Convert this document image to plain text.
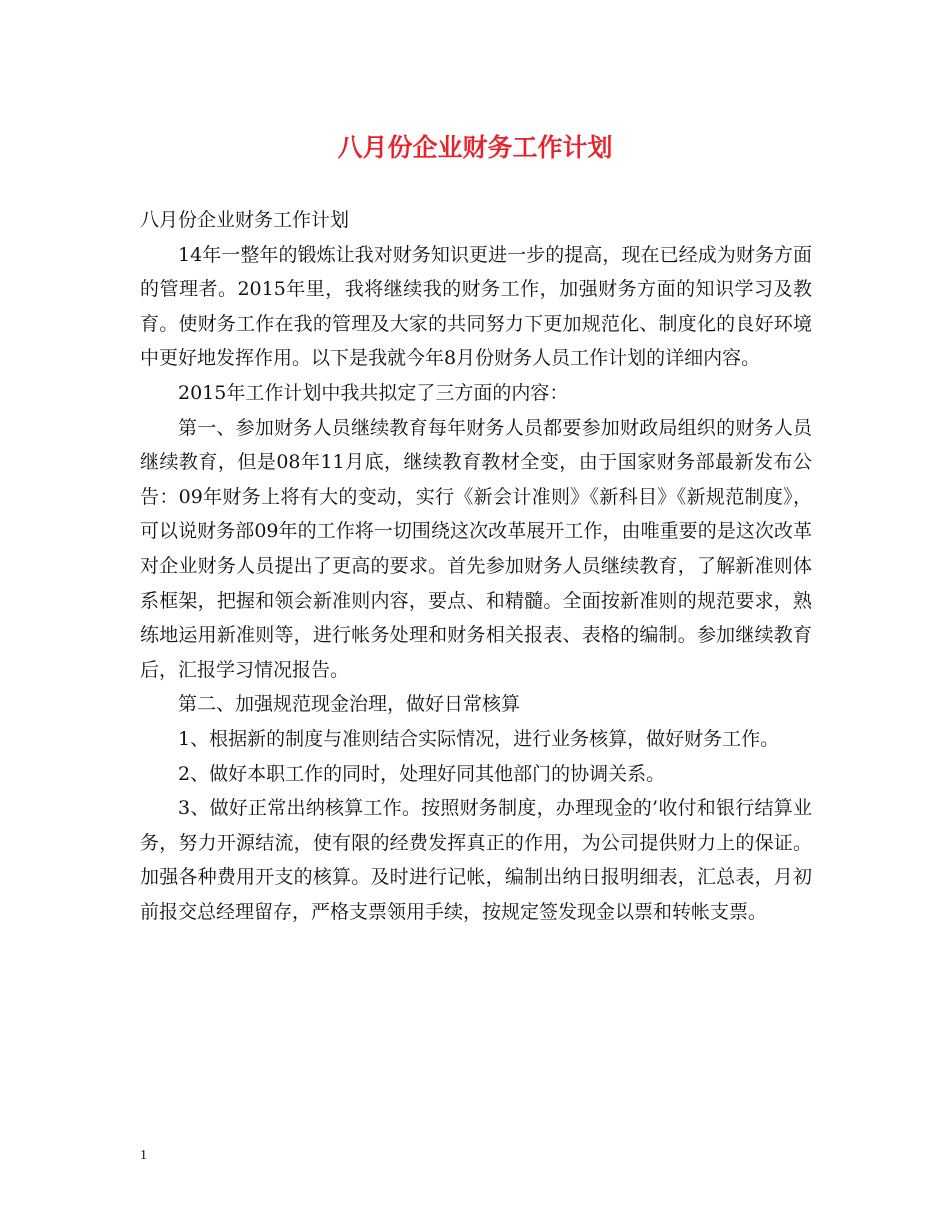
八月份企业财务工作计划

八月份企业财务工作计划

14年一整年的锻炼让我对财务知识更进一步的提高，现在已经成为财务方面的管理者。2015年里，我将继续我的财务工作，加强财务方面的知识学习及教育。使财务工作在我的管理及大家的共同努力下更加规范化、制度化的良好环境中更好地发挥作用。以下是我就今年8月份财务人员工作计划的详细内容。

2015年工作计划中我共拟定了三方面的内容：

第一、参加财务人员继续教育每年财务人员都要参加财政局组织的财务人员继续教育，但是08年11月底，继续教育教材全变，由于国家财务部最新发布公告：09年财务上将有大的变动，实行《新会计准则》《新科目》《新规范制度》，可以说财务部09年的工作将一切围绕这次改革展开工作，由唯重要的是这次改革对企业财务人员提出了更高的要求。首先参加财务人员继续教育，了解新准则体系框架，把握和领会新准则内容，要点、和精髓。全面按新准则的规范要求，熟练地运用新准则等，进行帐务处理和财务相关报表、表格的编制。参加继续教育后，汇报学习情况报告。

第二、加强规范现金治理，做好日常核算

1、根据新的制度与准则结合实际情况，进行业务核算，做好财务工作。

2、做好本职工作的同时，处理好同其他部门的协调关系。

3、做好正常出纳核算工作。按照财务制度，办理现金的’收付和银行结算业务，努力开源结流，使有限的经费发挥真正的作用，为公司提供财力上的保证。加强各种费用开支的核算。及时进行记帐，编制出纳日报明细表，汇总表，月初前报交总经理留存，严格支票领用手续，按规定签发现金以票和转帐支票。

1
